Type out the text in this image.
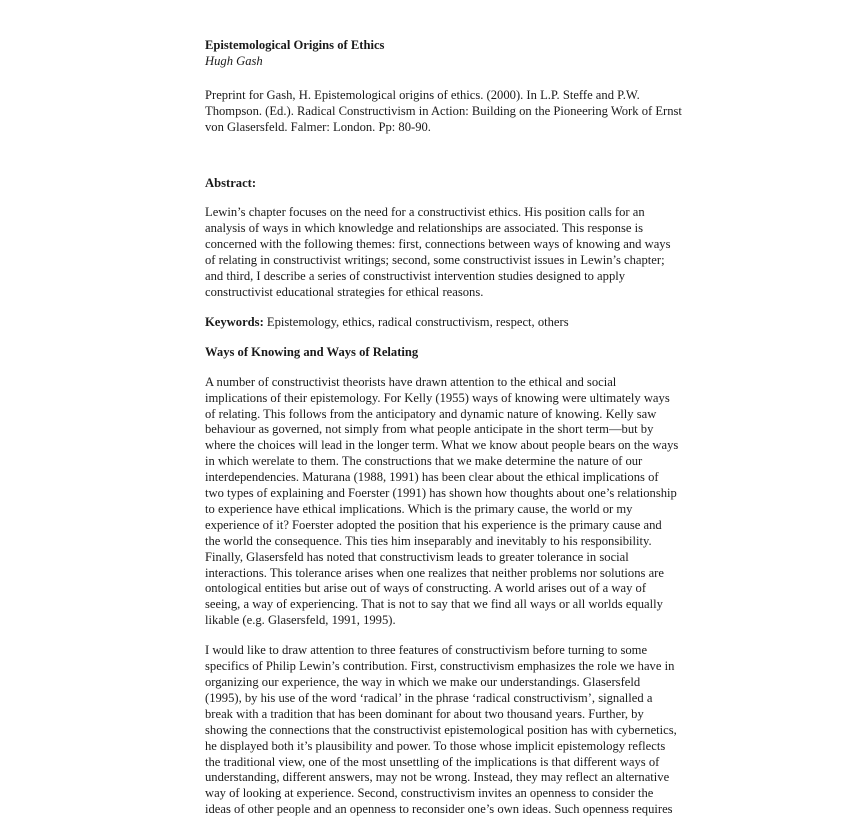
Epistemological Origins of Ethics

Hugh Gash

Preprint for Gash, H. Epistemological origins of ethics. (2000). In L.P. Steffe and P.W.
Thompson. (Ed.). Radical Constructivism in Action: Building on the Pioneering Work of Ernst
von Glasersfeld. Falmer: London. Pp: 80-90.

Abstract:

Lewin’s chapter focuses on the need for a constructivist ethics. His position calls for an
analysis of ways in which knowledge and relationships are associated. This response is
concerned with the following themes: first, connections between ways of knowing and ways
of relating in constructivist writings; second, some constructivist issues in Lewin’s chapter;
and third, I describe a series of constructivist intervention studies designed to apply
constructivist educational strategies for ethical reasons.

Keywords: Epistemology, ethics, radical constructivism, respect, others

Ways of Knowing and Ways of Relating

A number of constructivist theorists have drawn attention to the ethical and social
implications of their epistemology. For Kelly (1955) ways of knowing were ultimately ways
of relating. This follows from the anticipatory and dynamic nature of knowing. Kelly saw
behaviour as governed, not simply from what people anticipate in the short term—but by
where the choices will lead in the longer term. What we know about people bears on the ways
in which werelate to them. The constructions that we make determine the nature of our
interdependencies. Maturana (1988, 1991) has been clear about the ethical implications of
two types of explaining and Foerster (1991) has shown how thoughts about one’s relationship
to experience have ethical implications. Which is the primary cause, the world or my
experience of it? Foerster adopted the position that his experience is the primary cause and
the world the consequence. This ties him inseparably and inevitably to his responsibility.
Finally, Glasersfeld has noted that constructivism leads to greater tolerance in social
interactions. This tolerance arises when one realizes that neither problems nor solutions are
ontological entities but arise out of ways of constructing. A world arises out of a way of
seeing, a way of experiencing. That is not to say that we find all ways or all worlds equally
likable (e.g. Glasersfeld, 1991, 1995).

I would like to draw attention to three features of constructivism before turning to some
specifics of Philip Lewin’s contribution. First, constructivism emphasizes the role we have in
organizing our experience, the way in which we make our understandings. Glasersfeld
(1995), by his use of the word ‘radical’ in the phrase ‘radical constructivism’, signalled a
break with a tradition that has been dominant for about two thousand years. Further, by
showing the connections that the constructivist epistemological position has with cybernetics,
he displayed both it’s plausibility and power. To those whose implicit epistemology reflects
the traditional view, one of the most unsettling of the implications is that different ways of
understanding, different answers, may not be wrong. Instead, they may reflect an alternative
way of looking at experience. Second, constructivism invites an openness to consider the
ideas of other people and an openness to reconsider one’s own ideas. Such openness requires
